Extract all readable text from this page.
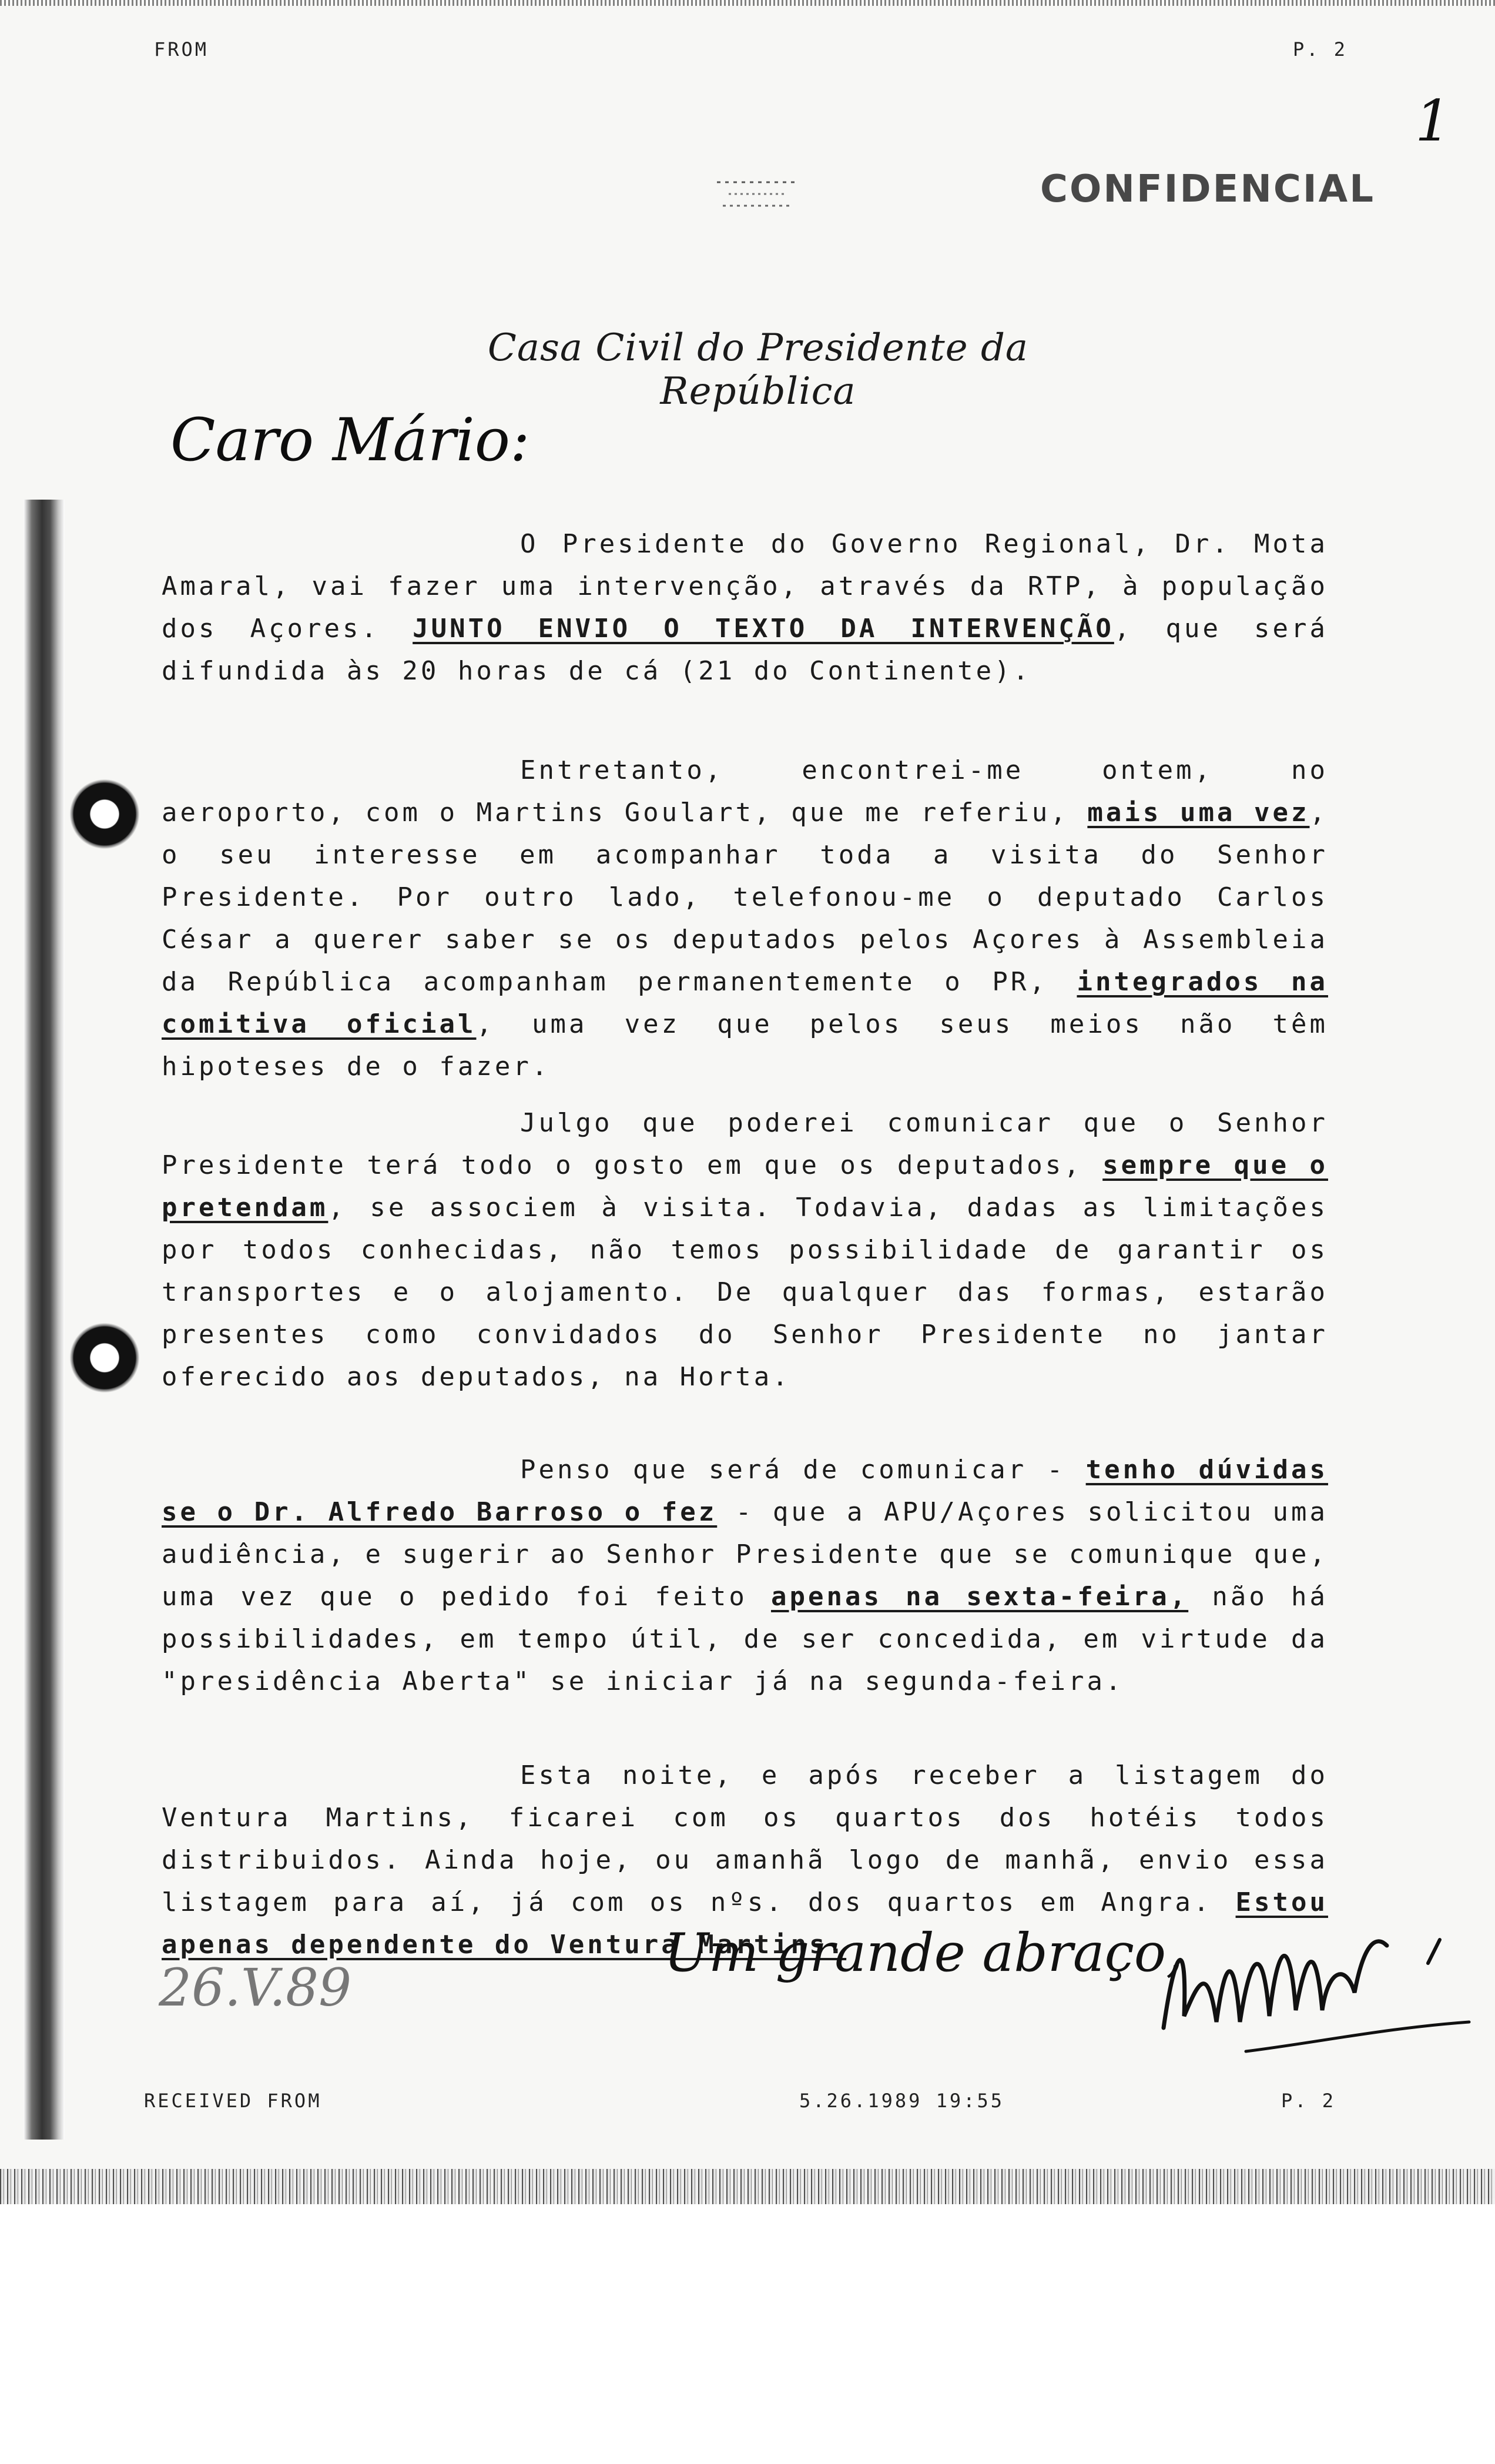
FROM	P. 2
1
CONFIDENCIAL
Casa Civil do Presidente da República
Caro Mário:
O Presidente do Governo Regional, Dr. Mota Amaral, vai fazer uma intervenção, através da RTP, à população dos Açores. JUNTO ENVIO O TEXTO DA INTERVENÇÃO, que será difundida às 20 horas de cá (21 do Continente).
Entretanto, encontrei-me ontem, no aeroporto, com o Martins Goulart, que me referiu, mais uma vez, o seu interesse em acompanhar toda a visita do Senhor Presidente. Por outro lado, telefonou-me o deputado Carlos César a querer saber se os deputados pelos Açores à Assembleia da República acompanham permanentemente o PR, integrados na comitiva oficial, uma vez que pelos seus meios não têm hipoteses de o fazer.
Julgo que poderei comunicar que o Senhor Presidente terá todo o gosto em que os deputados, sempre que o pretendam, se associem à visita. Todavia, dadas as limitações por todos conhecidas, não temos possibilidade de garantir os transportes e o alojamento. De qualquer das formas, estarão presentes como convidados do Senhor Presidente no jantar oferecido aos deputados, na Horta.
Penso que será de comunicar - tenho dúvidas se o Dr. Alfredo Barroso o fez - que a APU/Açores solicitou uma audiência, e sugerir ao Senhor Presidente que se comunique que, uma vez que o pedido foi feito apenas na sexta-feira, não há possibilidades, em tempo útil, de ser concedida, em virtude da "presidência Aberta" se iniciar já na segunda-feira.
Esta noite, e após receber a listagem do Ventura Martins, ficarei com os quartos dos hotéis todos distribuidos. Ainda hoje, ou amanhã logo de manhã, envio essa listagem para aí, já com os nºs. dos quartos em Angra. Estou apenas dependente do Ventura Martins.
26.V.89
Um grande abraço,
RECEIVED FROM	5.26.1989 19:55	P. 2
